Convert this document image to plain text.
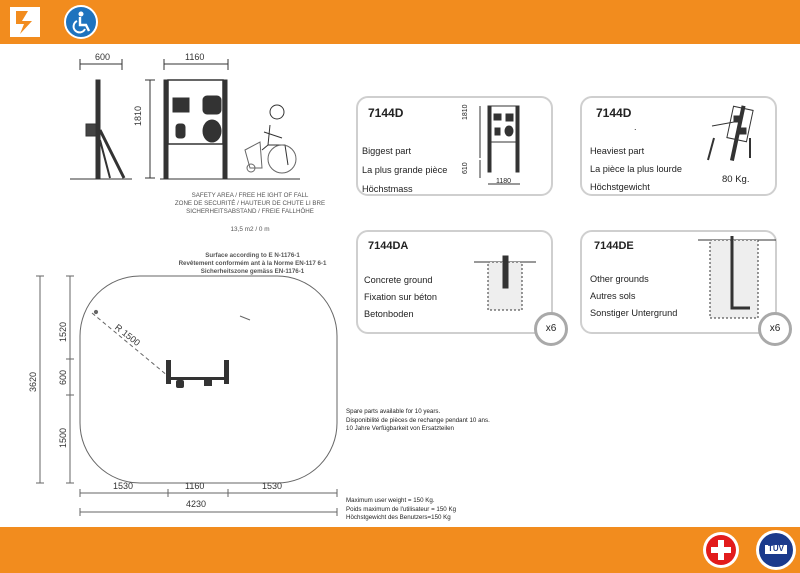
600	1160
1810
SAFETY AREA / FREE HE IGHT OF FALL
ZONE DE SECURITÉ / HAUTEUR DE CHUTE LI BRE
SICHERHEITSABSTAND / FREIE FALLHÖHE
13,5 m2 / 0 m
Surface according to E N-1176-1
Revêtement conformém ant à la Norme EN-117 6-1
Sicherheitszone gemäss EN-1176-1
R 1500
1520
600
1500
3620
1530	1160	1530
4230
7144D
Biggest part
La plus grande pièce
Höchstmass
1810
610
1180
7144D
.
Heaviest part
La pièce la plus lourde
Höchstgewicht
80 Kg.
7144DA
Concrete ground
Fixation sur béton
Betonboden
x6
7144DE
Other grounds
Autres sols
Sonstiger Untergrund
x6
Spare parts available for 10 years.
Disponibilité de pièces de rechange pendant 10 ans.
10 Jahre Verfügbarkeit von Ersatzteilen
Maximum user weight = 150 Kg.
Poids maximum de l'utilisateur = 150 Kg
Höchstgewicht des Benutzers=150 Kg
TÜV
